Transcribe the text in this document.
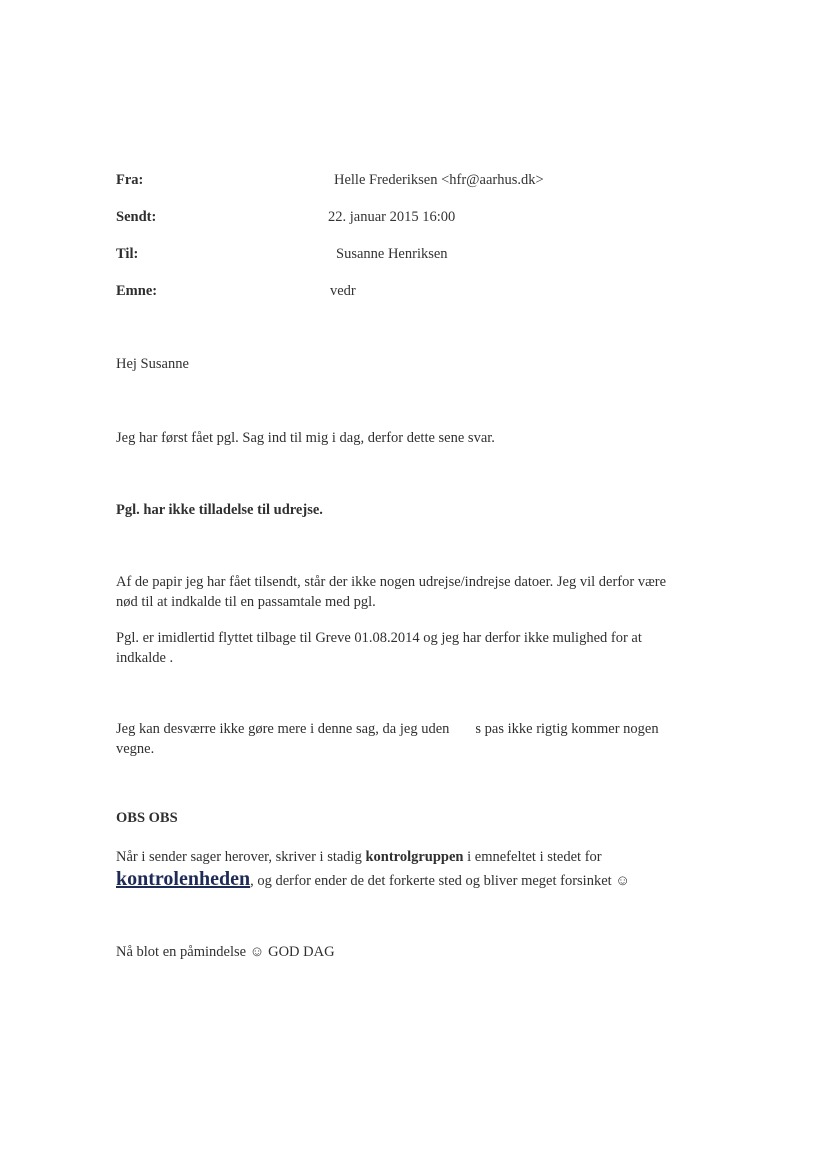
Fra:	Helle Frederiksen <hfr@aarhus.dk>
Sendt:	22. januar 2015 16:00
Til:	Susanne Henriksen
Emne:	vedr
Hej Susanne
Jeg har først fået pgl. Sag ind til mig i dag, derfor dette sene svar.
Pgl. har ikke tilladelse til udrejse.
Af de papir jeg har fået tilsendt, står der ikke nogen udrejse/indrejse datoer. Jeg vil derfor være
nød til at indkalde til en passamtale med pgl.
Pgl. er imidlertid flyttet tilbage til Greve 01.08.2014 og jeg har derfor ikke mulighed for at
indkalde .
Jeg kan desværre ikke gøre mere i denne sag, da jeg uden s pas ikke rigtig kommer nogen
vegne.
OBS OBS
Når i sender sager herover, skriver i stadig kontrolgruppen i emnefeltet i stedet for
kontrolenheden, og derfor ender de det forkerte sted og bliver meget forsinket ☺
Nå blot en påmindelse ☺ GOD DAG
